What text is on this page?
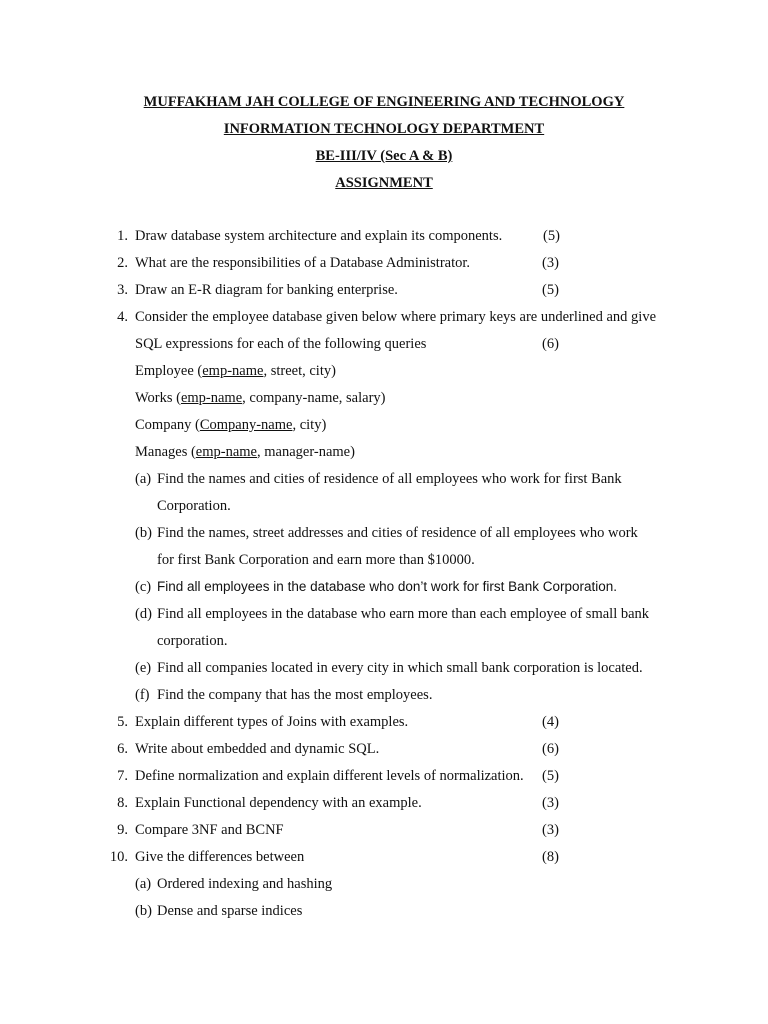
MUFFAKHAM JAH COLLEGE OF ENGINEERING AND TECHNOLOGY
INFORMATION TECHNOLOGY DEPARTMENT
BE-III/IV (Sec A & B)
ASSIGNMENT
1. Draw database system architecture and explain its components.	(5)
2. What are the responsibilities of a Database Administrator.	(3)
3. Draw an E-R diagram for banking enterprise.	(5)
4. Consider the employee database given below where primary keys are underlined and give
SQL expressions for each of the following queries	(6)
Employee (emp-name, street, city)
Works (emp-name, company-name, salary)
Company (Company-name, city)
Manages (emp-name, manager-name)
(a) Find the names and cities of residence of all employees who work for first Bank
Corporation.
(b) Find the names, street addresses and cities of residence of all employees who work
for first Bank Corporation and earn more than $10000.
(c) Find all employees in the database who don’t work for first Bank Corporation.
(d) Find all employees in the database who earn more than each employee of small bank
corporation.
(e) Find all companies located in every city in which small bank corporation is located.
(f) Find the company that has the most employees.
5. Explain different types of Joins with examples.	(4)
6. Write about embedded and dynamic SQL.	(6)
7. Define normalization and explain different levels of normalization. (5)
8. Explain Functional dependency with an example.	(3)
9. Compare 3NF and BCNF	(3)
10. Give the differences between	(8)
(a) Ordered indexing and hashing
(b) Dense and sparse indices
